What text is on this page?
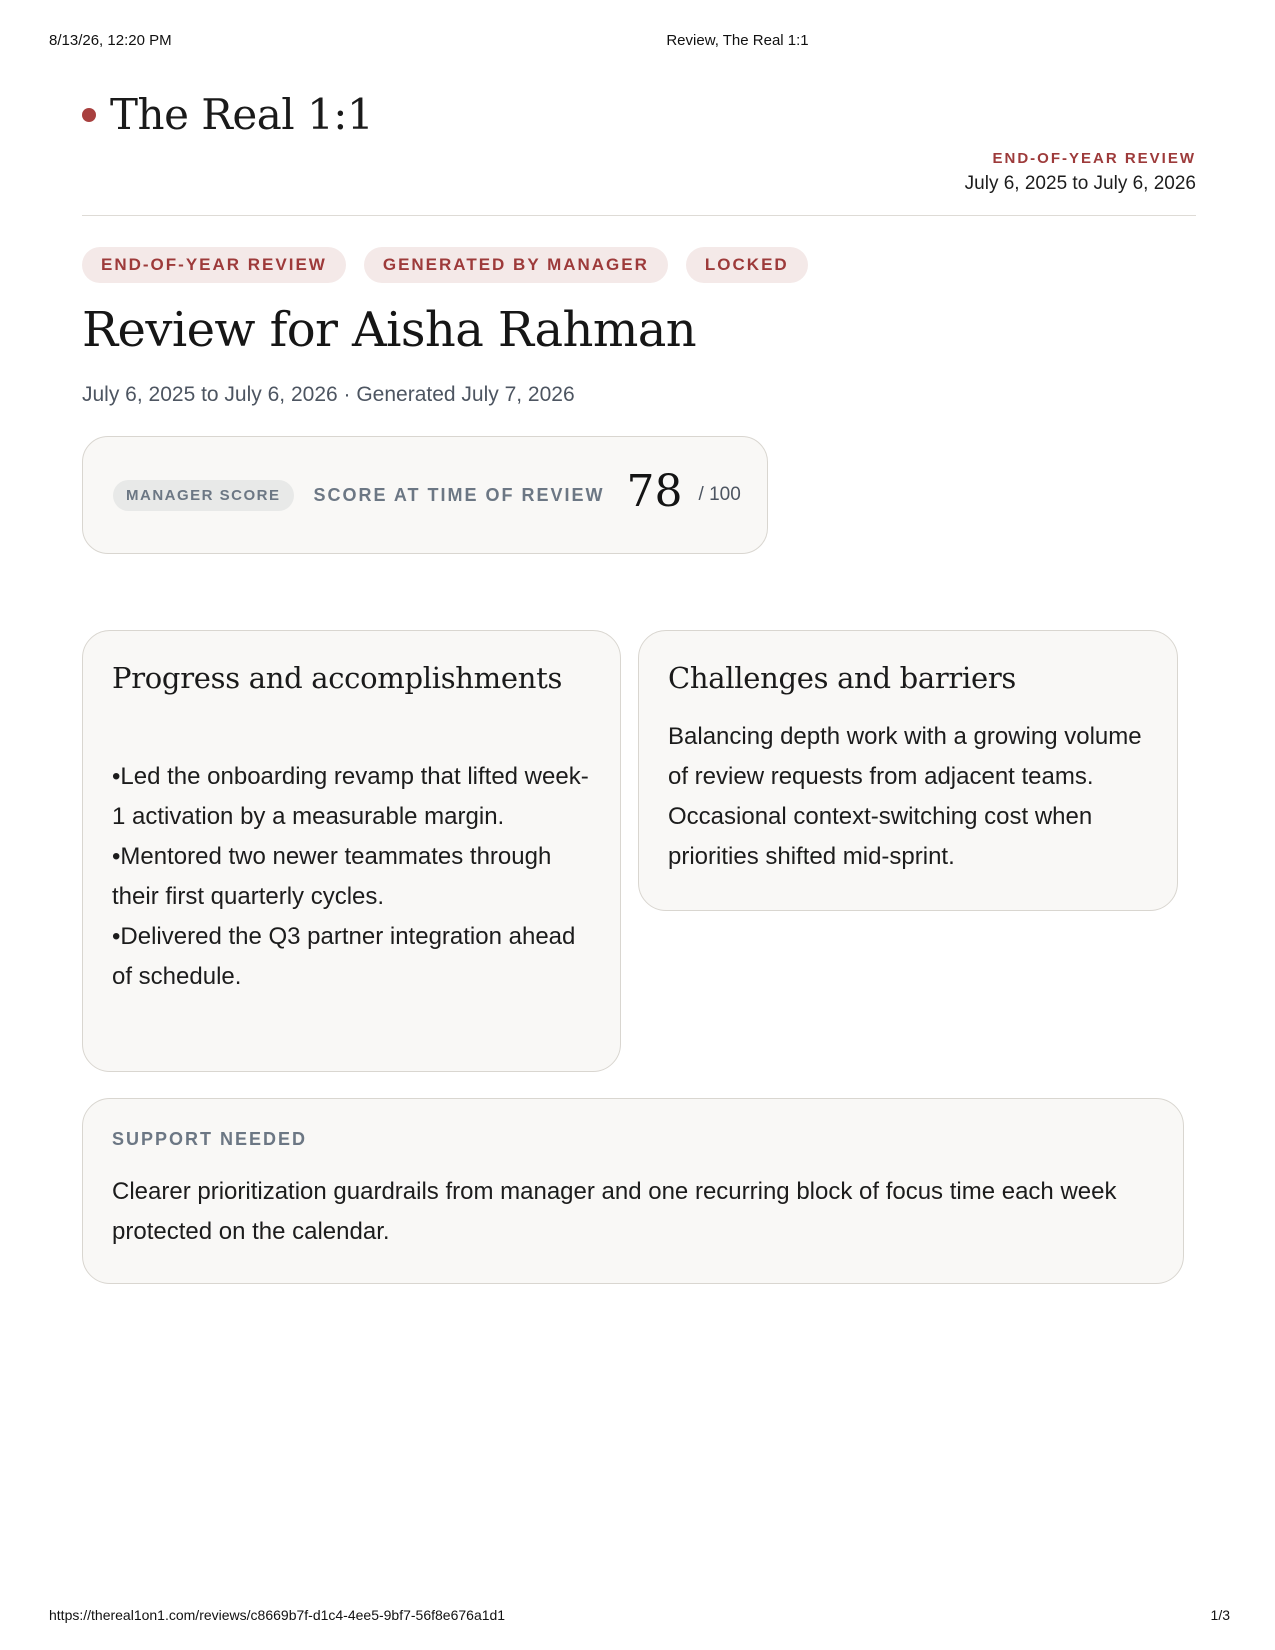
8/13/26, 12:20 PM	Review, The Real 1:1
The Real 1:1
END-OF-YEAR REVIEW
July 6, 2025 to July 6, 2026
END-OF-YEAR REVIEW	GENERATED BY MANAGER	LOCKED
Review for Aisha Rahman
July 6, 2025 to July 6, 2026 · Generated July 7, 2026
MANAGER SCORE	SCORE AT TIME OF REVIEW 78 / 100
Progress and accomplishments
• Led the onboarding revamp that lifted week-1 activation by a measurable margin.
• Mentored two newer teammates through their first quarterly cycles.
• Delivered the Q3 partner integration ahead of schedule.
Challenges and barriers
Balancing depth work with a growing volume of review requests from adjacent teams. Occasional context-switching cost when priorities shifted mid-sprint.
SUPPORT NEEDED
Clearer prioritization guardrails from manager and one recurring block of focus time each week protected on the calendar.
https://thereal1on1.com/reviews/c8669b7f-d1c4-4ee5-9bf7-56f8e676a1d1	1/3
